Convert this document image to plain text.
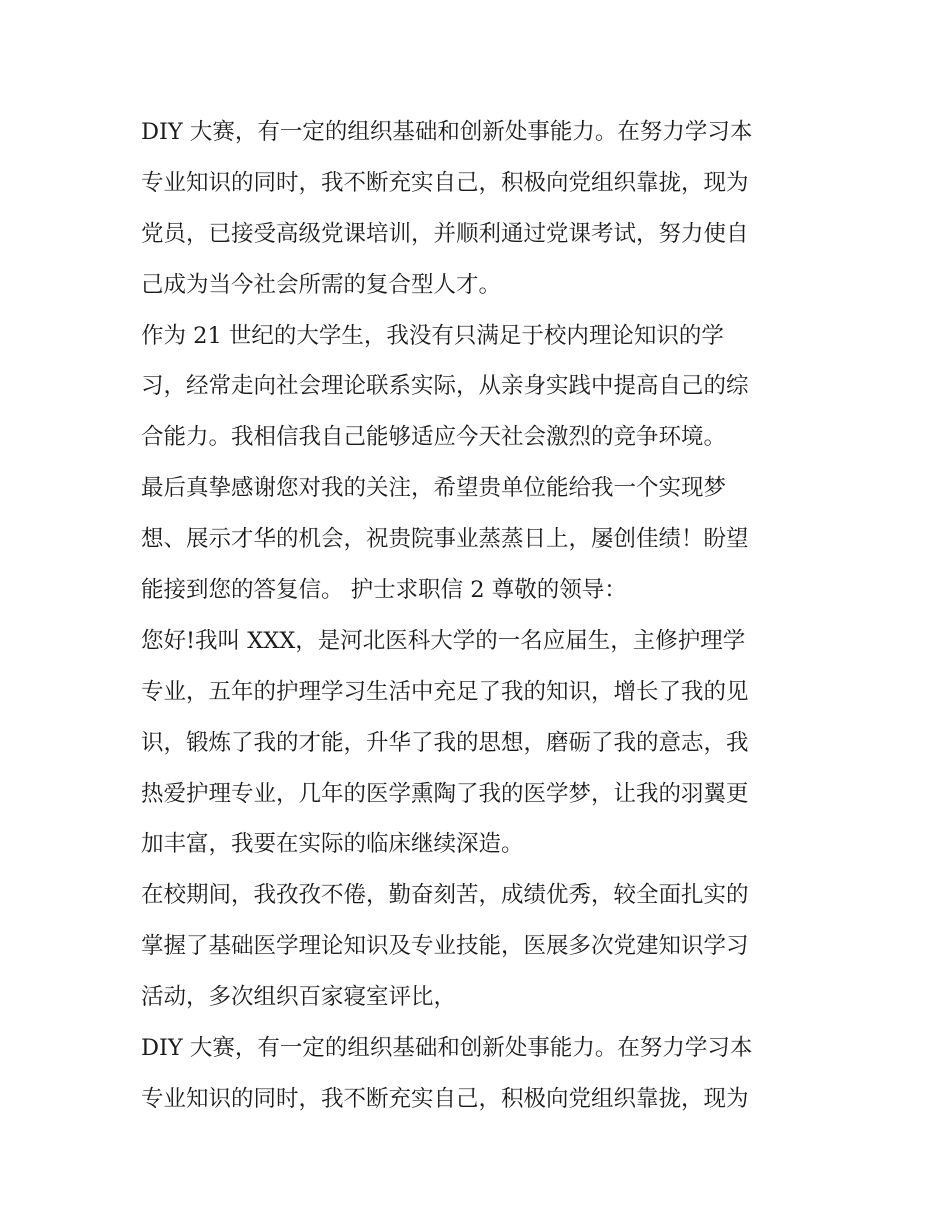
DIY 大赛，有一定的组织基础和创新处事能力。在努力学习本
专业知识的同时，我不断充实自己，积极向党组织靠拢，现为
党员，已接受高级党课培训，并顺利通过党课考试，努力使自
己成为当今社会所需的复合型人才。
作为 21 世纪的大学生，我没有只满足于校内理论知识的学
习，经常走向社会理论联系实际，从亲身实践中提高自己的综
合能力。我相信我自己能够适应今天社会激烈的竞争环境。
最后真挚感谢您对我的关注，希望贵单位能给我一个实现梦
想、展示才华的机会，祝贵院事业蒸蒸日上，屡创佳绩！盼望
能接到您的答复信。 护士求职信 2 尊敬的领导：
您好!我叫 XXX，是河北医科大学的一名应届生，主修护理学
专业，五年的护理学习生活中充足了我的知识，增长了我的见
识，锻炼了我的才能，升华了我的思想，磨砺了我的意志，我
热爱护理专业，几年的医学熏陶了我的医学梦，让我的羽翼更
加丰富，我要在实际的临床继续深造。
在校期间，我孜孜不倦，勤奋刻苦，成绩优秀，较全面扎实的
掌握了基础医学理论知识及专业技能，医展多次党建知识学习
活动，多次组织百家寝室评比，
DIY 大赛，有一定的组织基础和创新处事能力。在努力学习本
专业知识的同时，我不断充实自己，积极向党组织靠拢，现为
